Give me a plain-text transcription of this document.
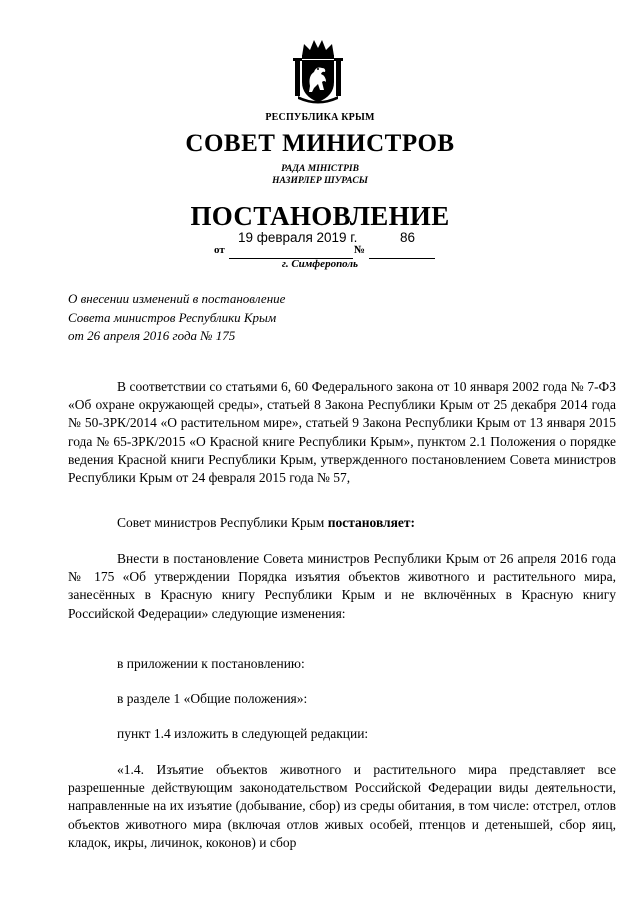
РЕСПУБЛИКА КРЫМ
СОВЕТ МИНИСТРОВ
РАДА МІНІСТРІВ
НАЗИРЛЕР ШУРАСЫ
ПОСТАНОВЛЕНИЕ
19 февраля 2019 г.	86
от	№
г. Симферополь
О внесении изменений в постановление
Совета министров Республики Крым
от 26 апреля 2016 года № 175
В соответствии со статьями 6, 60 Федерального закона от 10 января 2002 года № 7-ФЗ «Об охране окружающей среды», статьей 8 Закона Республики Крым от 25 декабря 2014 года № 50-ЗРК/2014 «О растительном мире», статьей 9 Закона Республики Крым от 13 января 2015 года № 65-ЗРК/2015 «О Красной книге Республики Крым», пунктом 2.1 Положения о порядке ведения Красной книги Республики Крым, утвержденного постановлением Совета министров Республики Крым от 24 февраля 2015 года № 57,
Совет министров Республики Крым постановляет:
Внести в постановление Совета министров Республики Крым от 26 апреля 2016 года № 175 «Об утверждении Порядка изъятия объектов животного и растительного мира, занесённых в Красную книгу Республики Крым и не включённых в Красную книгу Российской Федерации» следующие изменения:
в приложении к постановлению:
в разделе 1 «Общие положения»:
пункт 1.4 изложить в следующей редакции:
«1.4. Изъятие объектов животного и растительного мира представляет все разрешенные действующим законодательством Российской Федерации виды деятельности, направленные на их изъятие (добывание, сбор) из среды обитания, в том числе: отстрел, отлов объектов животного мира (включая отлов живых особей, птенцов и детенышей, сбор яиц, кладок, икры, личинок, коконов) и сбор
